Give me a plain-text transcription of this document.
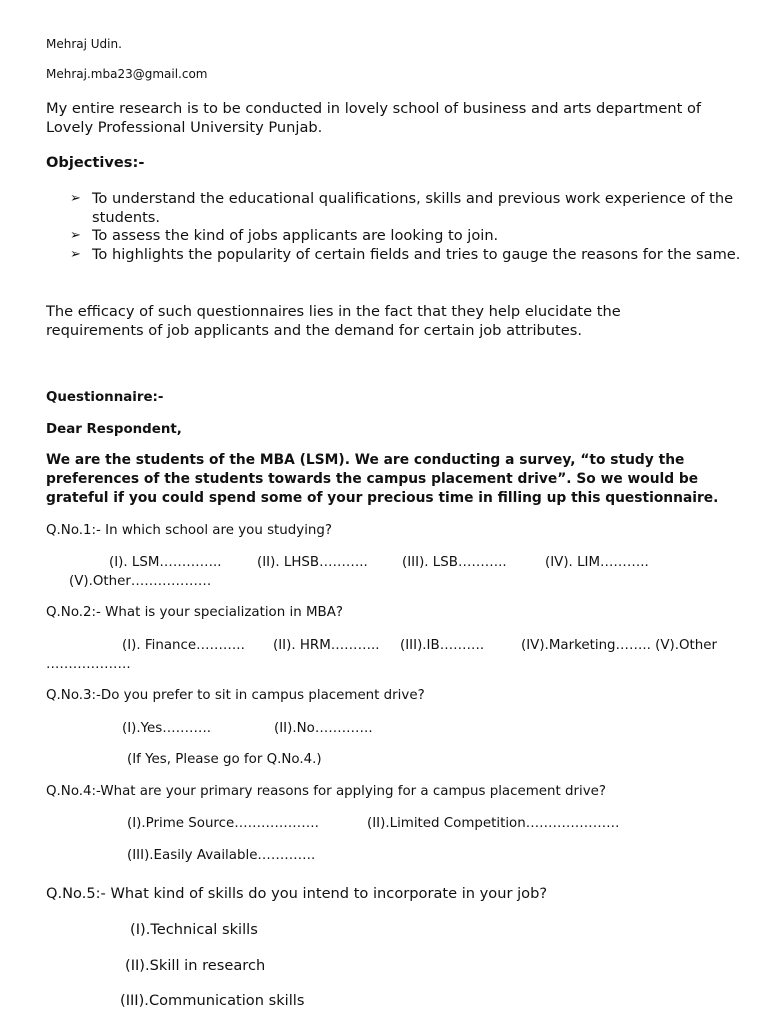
Mehraj Udin.
Mehraj.mba23@gmail.com
My entire research is to be conducted in lovely school of business and arts department of Lovely Professional University Punjab.
Objectives:-
➢ To understand the educational qualifications, skills and previous work experience of the students.
➢ To assess the kind of jobs applicants are looking to join.
➢ To highlights the popularity of certain fields and tries to gauge the reasons for the same.
The efficacy of such questionnaires lies in the fact that they help elucidate the requirements of job applicants and the demand for certain job attributes.
Questionnaire:-
Dear Respondent,
We are the students of the MBA (LSM). We are conducting a survey, “to study the preferences of the students towards the campus placement drive”. So we would be grateful if you could spend some of your precious time in filling up this questionnaire.
Q.No.1:- In which school are you studying?
(I). LSM…………..	(II). LHSB………..	(III). LSB………..	(IV). LIM………..
(V).Other………………
Q.No.2:- What is your specialization in MBA?
(I). Finance……….. (II). HRM……….. (III).IB……….	(IV).Marketing…….. (V).Other
……………….
Q.No.3:-Do you prefer to sit in campus placement drive?
(I).Yes………..	(II).No………….
(If Yes, Please go for Q.No.4.)
Q.No.4:-What are your primary reasons for applying for a campus placement drive?
(I).Prime Source……………….	(II).Limited Competition…………………
(III).Easily Available………….
Q.No.5:- What kind of skills do you intend to incorporate in your job?
(I).Technical skills
(II).Skill in research
(III).Communication skills
